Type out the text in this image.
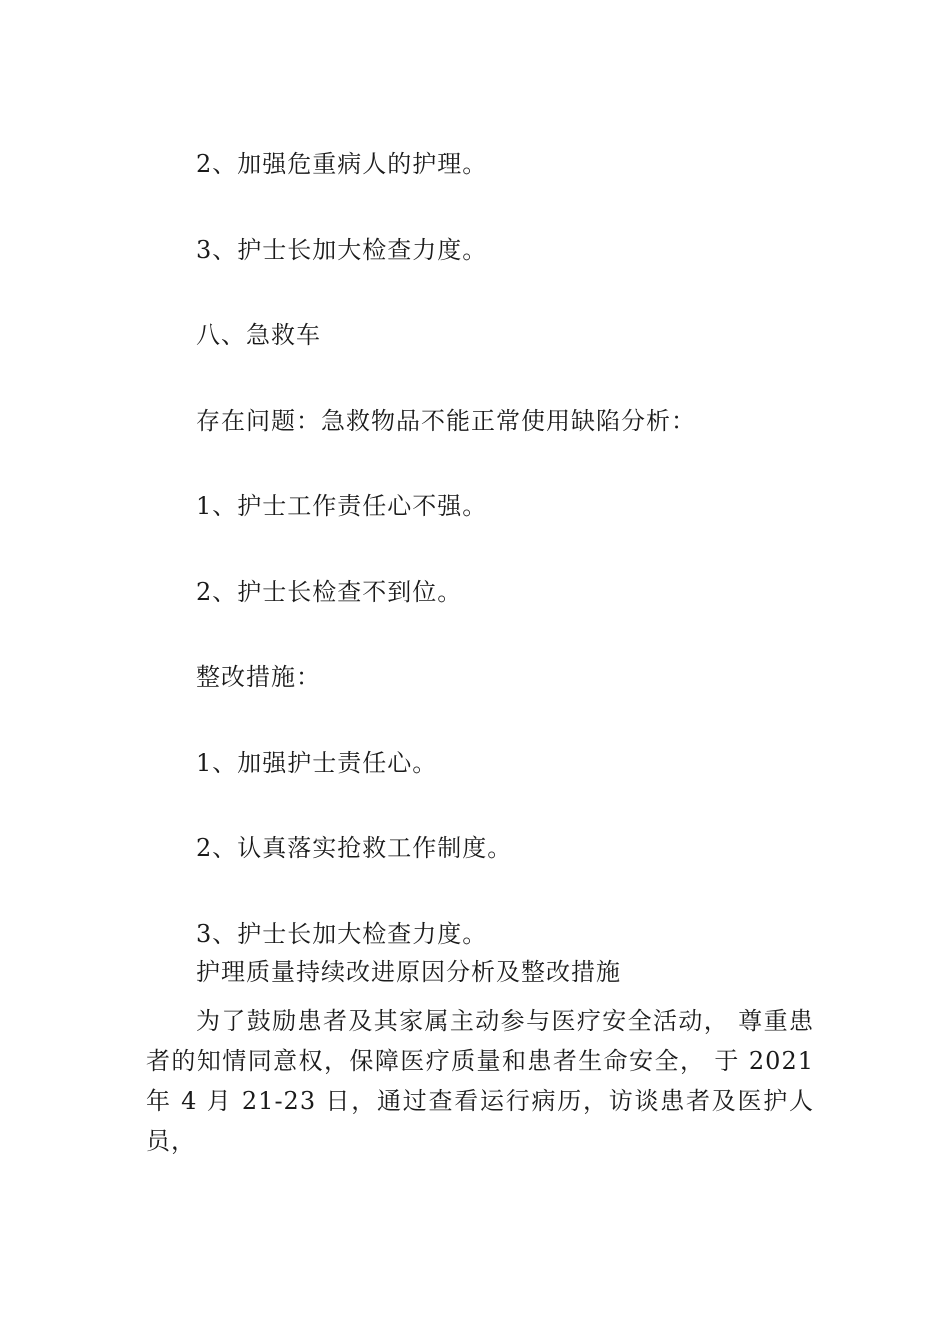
2、加强危重病人的护理。
3、护士长加大检查力度。
八、急救车
存在问题：急救物品不能正常使用缺陷分析：
1、护士工作责任心不强。
2、护士长检查不到位。
整改措施：
1、加强护士责任心。
2、认真落实抢救工作制度。
3、护士长加大检查力度。
护理质量持续改进原因分析及整改措施
为了鼓励患者及其家属主动参与医疗安全活动， 尊重患者的知情同意权，保障医疗质量和患者生命安全， 于 2021 年 4 月 21-23 日，通过查看运行病历，访谈患者及医护人员，
